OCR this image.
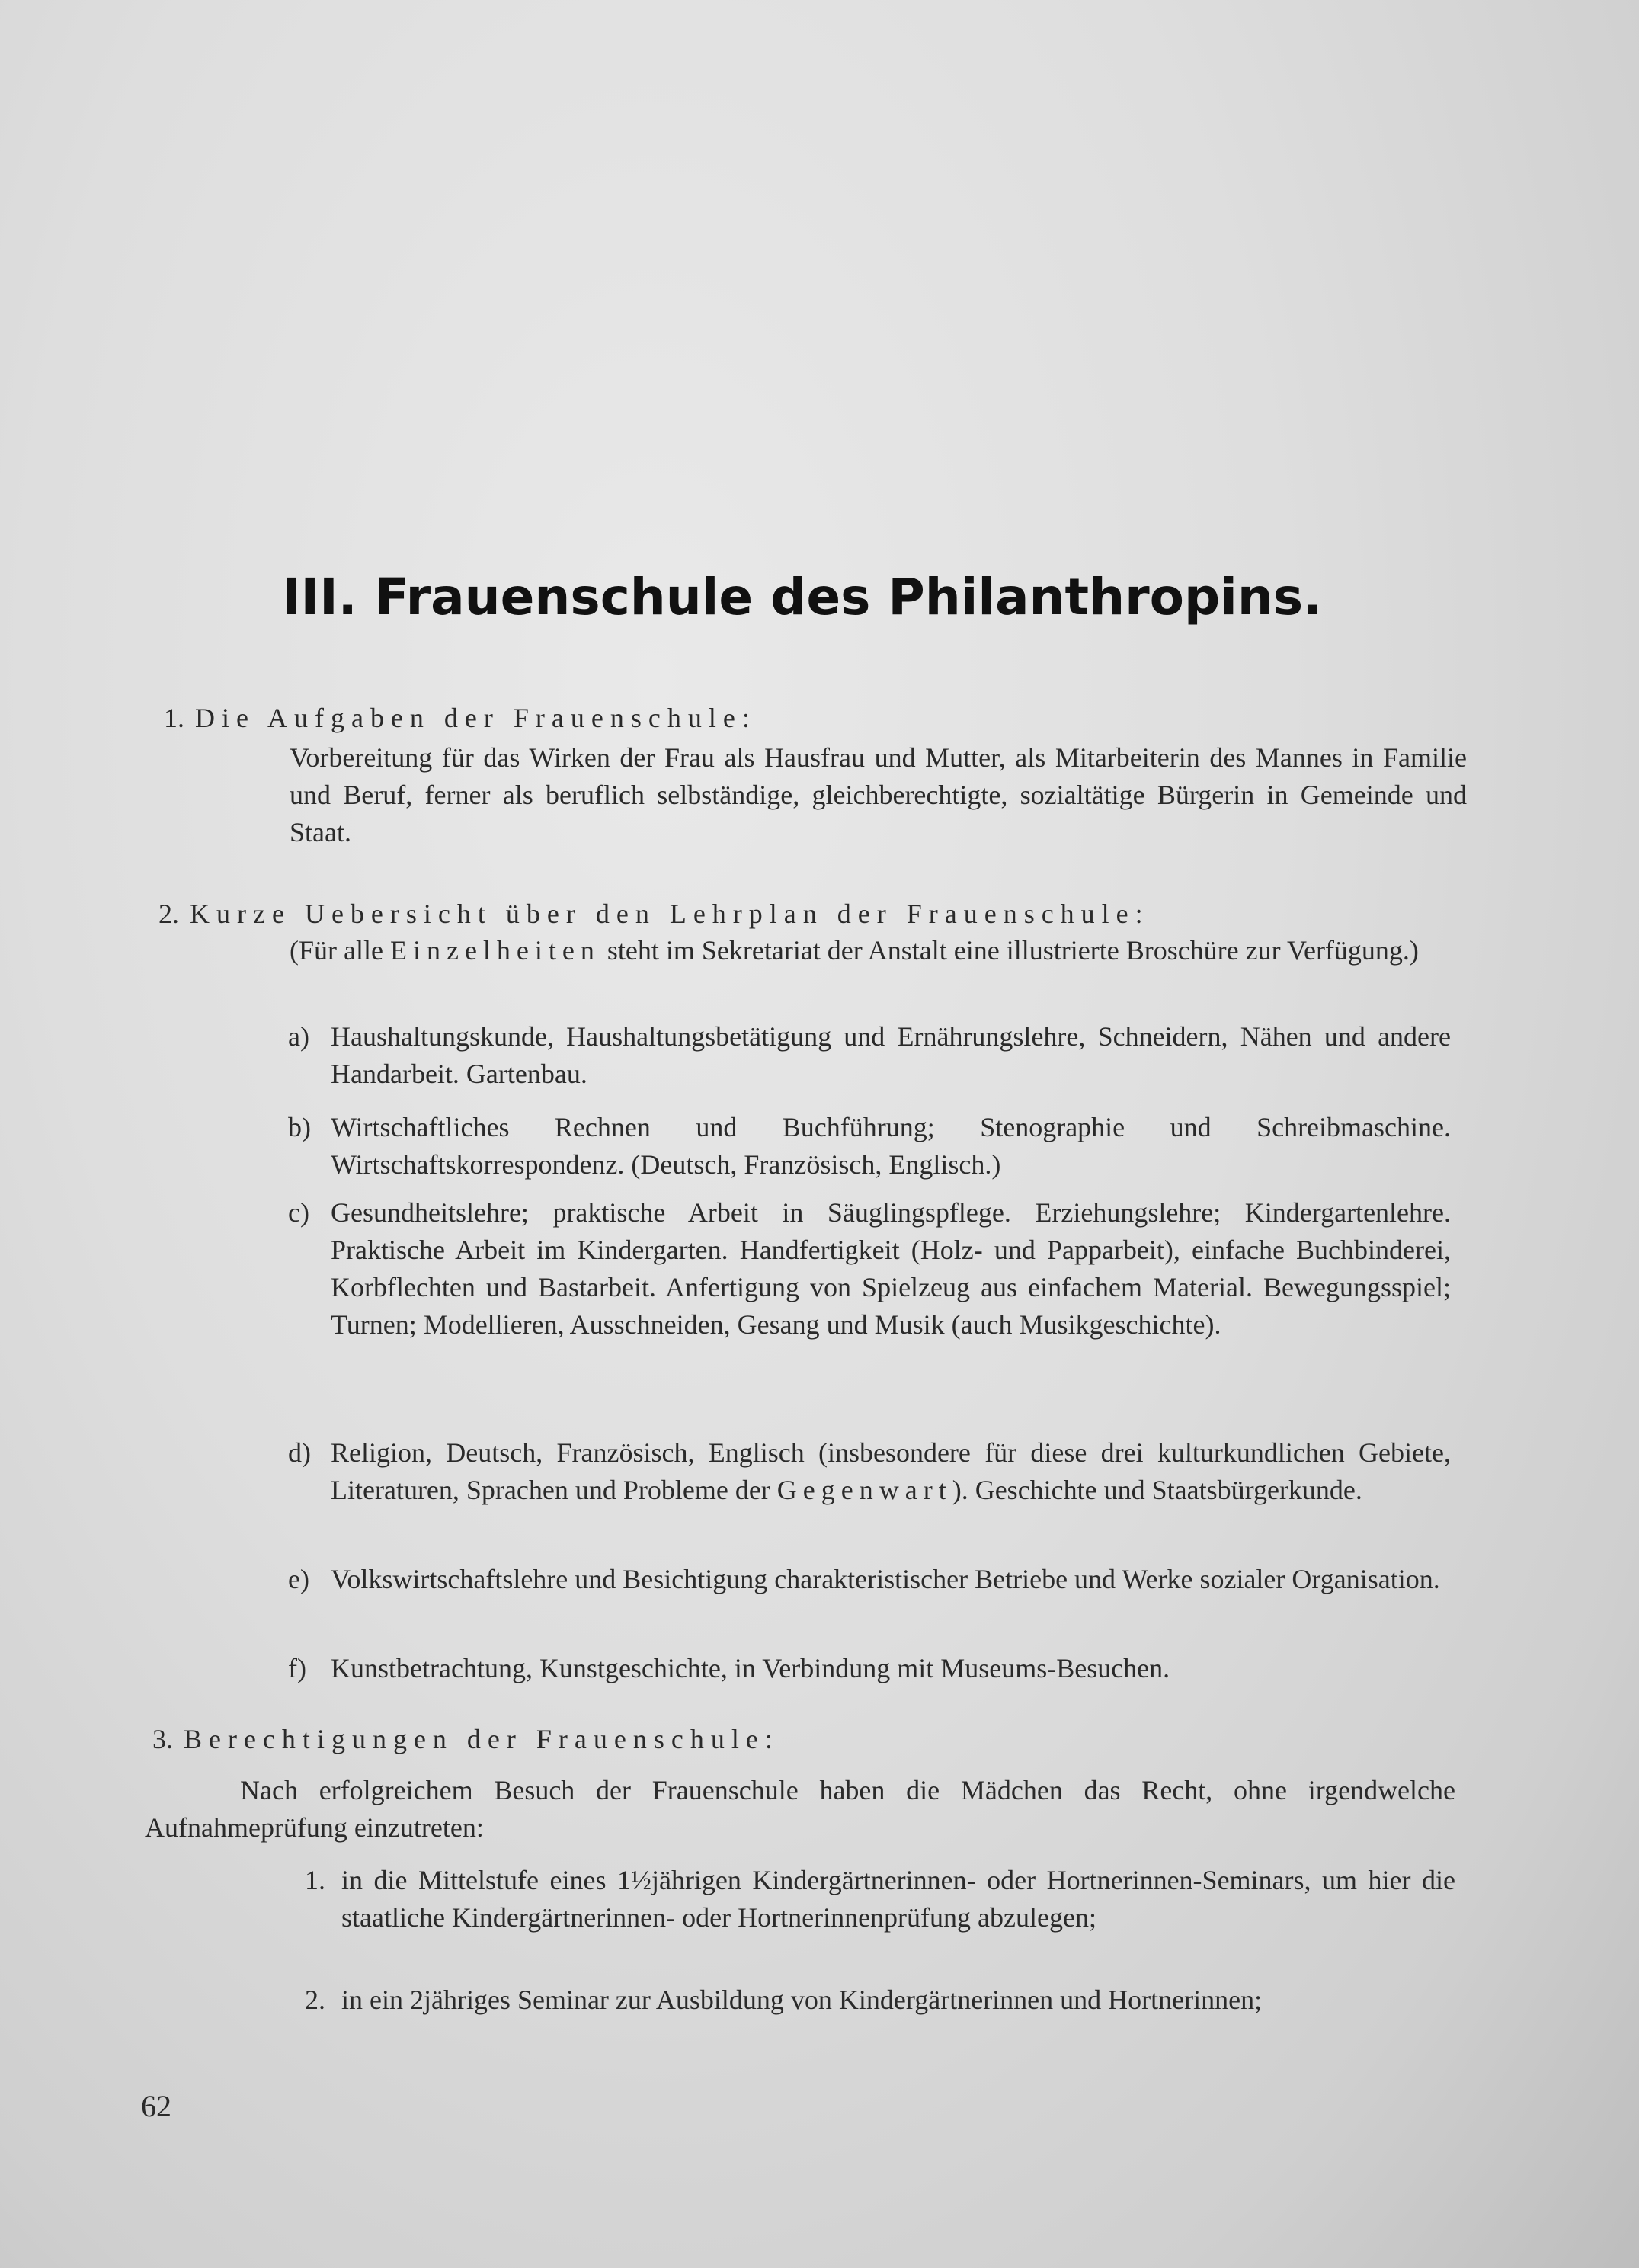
III. Frauenschule des Philanthropins.
1. Die Aufgaben der Frauenschule:
Vorbereitung für das Wirken der Frau als Hausfrau und Mutter, als Mitarbeiterin des Mannes in Familie und Beruf, ferner als beruflich selbständige, gleichberechtigte, sozialtätige Bürgerin in Gemeinde und Staat.
2. Kurze Uebersicht über den Lehrplan der Frauenschule:
(Für alle Einzelheiten steht im Sekretariat der Anstalt eine illustrierte Broschüre zur Verfügung.)
a) Haushaltungskunde, Haushaltungsbetätigung und Ernährungslehre, Schneidern, Nähen und andere Handarbeit. Gartenbau.
b) Wirtschaftliches Rechnen und Buchführung; Stenographie und Schreibmaschine. Wirtschaftskorrespondenz. (Deutsch, Französisch, Englisch.)
c) Gesundheitslehre; praktische Arbeit in Säuglingspflege. Erziehungslehre; Kindergartenlehre. Praktische Arbeit im Kindergarten. Handfertigkeit (Holz- und Papparbeit), einfache Buchbinderei, Korbflechten und Bastarbeit. Anfertigung von Spielzeug aus einfachem Material. Bewegungsspiel; Turnen; Modellieren, Ausschneiden, Gesang und Musik (auch Musikgeschichte).
d) Religion, Deutsch, Französisch, Englisch (insbesondere für diese drei kulturkundlichen Gebiete, Literaturen, Sprachen und Probleme der Gegenwart). Geschichte und Staatsbürgerkunde.
e) Volkswirtschaftslehre und Besichtigung charakteristischer Betriebe und Werke sozialer Organisation.
f) Kunstbetrachtung, Kunstgeschichte, in Verbindung mit Museums-Besuchen.
3. Berechtigungen der Frauenschule:
Nach erfolgreichem Besuch der Frauenschule haben die Mädchen das Recht, ohne irgendwelche Aufnahmeprüfung einzutreten:
1. in die Mittelstufe eines 1½jährigen Kindergärtnerinnen- oder Hortnerinnen-Seminars, um hier die staatliche Kindergärtnerinnen- oder Hortnerinnenprüfung abzulegen;
2. in ein 2jähriges Seminar zur Ausbildung von Kindergärtnerinnen und Hortnerinnen;
62
